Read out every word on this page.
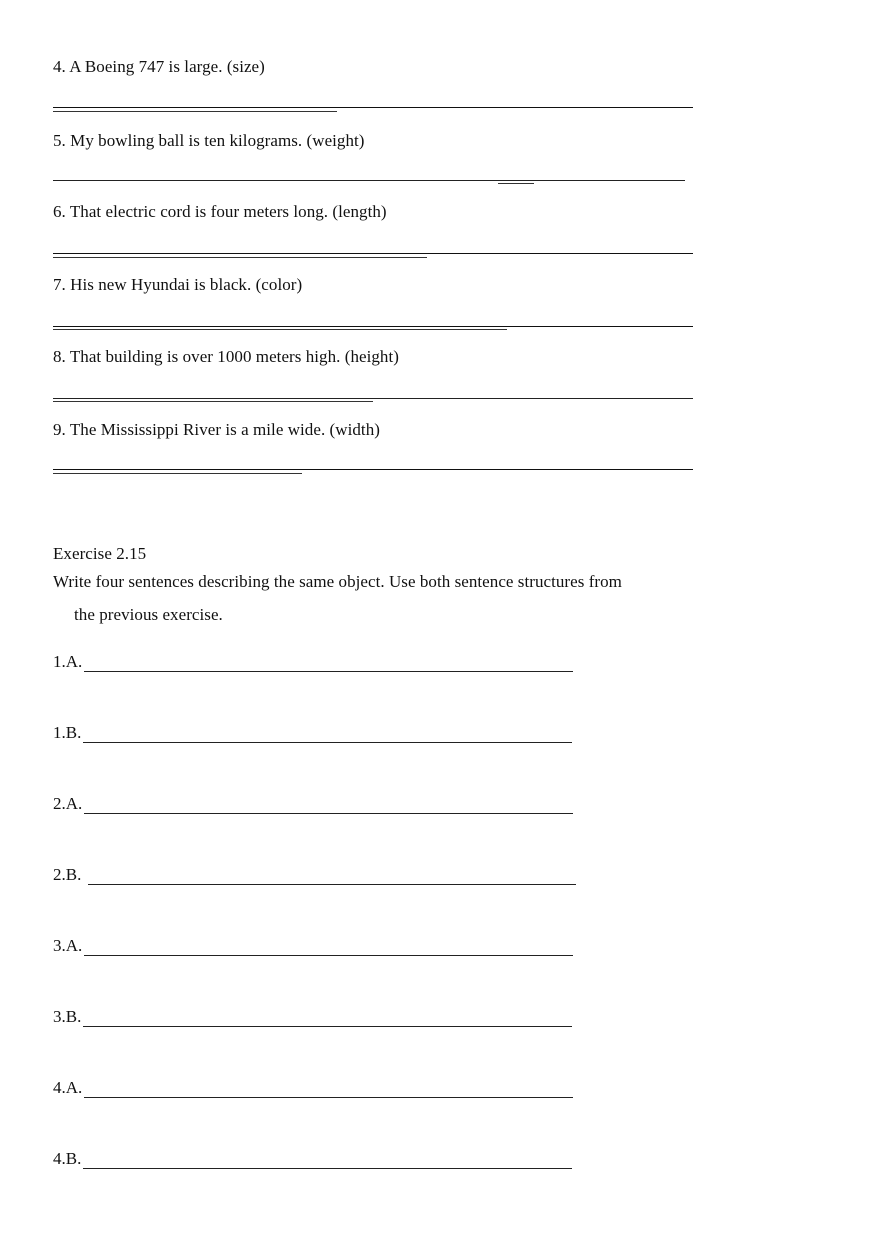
4. A Boeing 747 is large. (size)
5. My bowling ball is ten kilograms. (weight)
6. That electric cord is four meters long. (length)
7. His new Hyundai is black. (color)
8. That building is over 1000 meters high. (height)
9. The Mississippi River is a mile wide. (width)
Exercise 2.15
Write four sentences describing the same object. Use both sentence structures from
the previous exercise.
1.A.
1.B.
2.A.
2.B.
3.A.
3.B.
4.A.
4.B.
